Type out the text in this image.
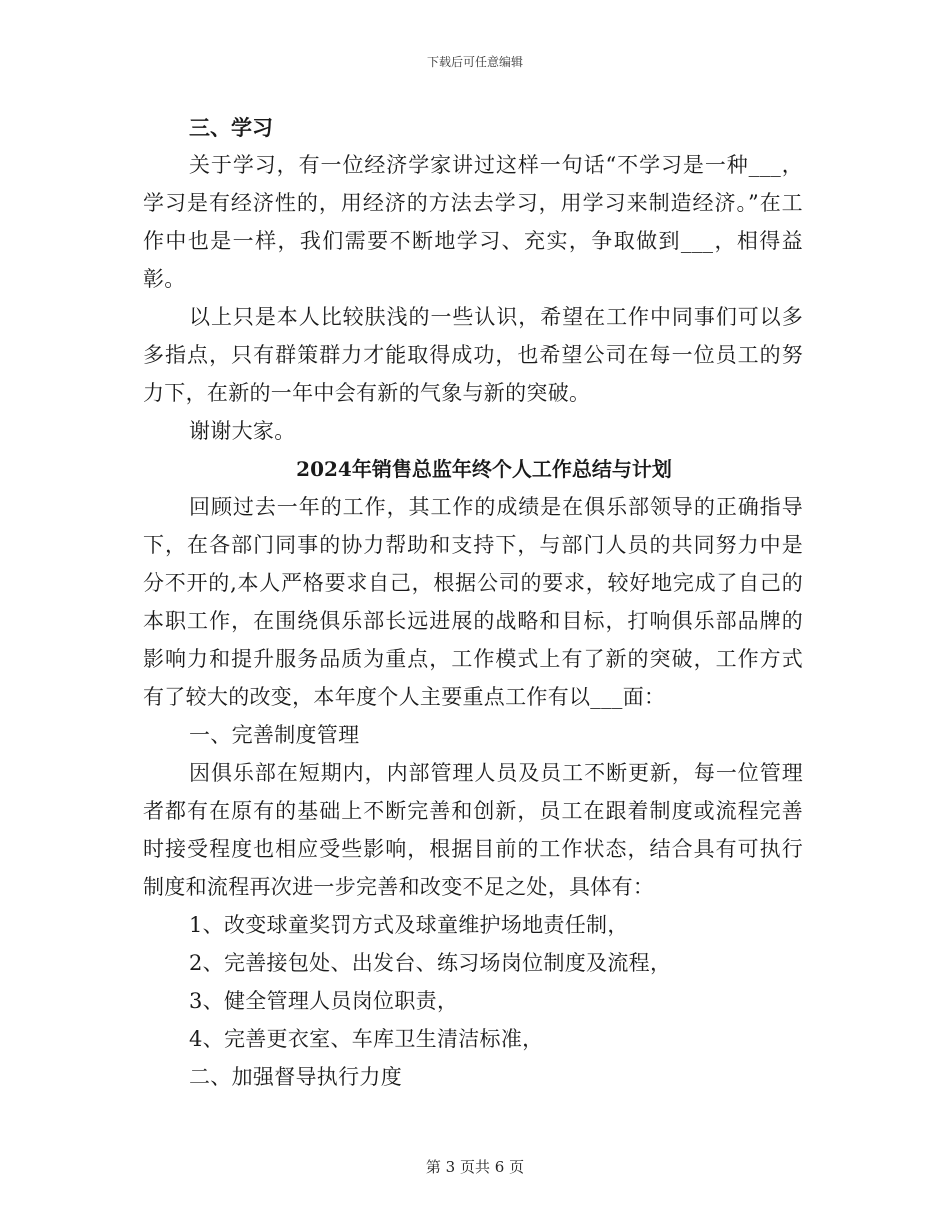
下载后可任意编辑
三、学习

关于学习，有一位经济学家讲过这样一句话“不学习是一种___，学习是有经济性的，用经济的方法去学习，用学习来制造经济。”在工作中也是一样，我们需要不断地学习、充实，争取做到___，相得益彰。

以上只是本人比较肤浅的一些认识，希望在工作中同事们可以多多指点，只有群策群力才能取得成功，也希望公司在每一位员工的努力下，在新的一年中会有新的气象与新的突破。

谢谢大家。

2024年销售总监年终个人工作总结与计划

回顾过去一年的工作，其工作的成绩是在俱乐部领导的正确指导下，在各部门同事的协力帮助和支持下，与部门人员的共同努力中是分不开的,本人严格要求自己，根据公司的要求，较好地完成了自己的本职工作，在围绕俱乐部长远进展的战略和目标，打响俱乐部品牌的影响力和提升服务品质为重点，工作模式上有了新的突破，工作方式有了较大的改变，本年度个人主要重点工作有以___面：

一、完善制度管理

因俱乐部在短期内，内部管理人员及员工不断更新，每一位管理者都有在原有的基础上不断完善和创新，员工在跟着制度或流程完善时接受程度也相应受些影响，根据目前的工作状态，结合具有可执行制度和流程再次进一步完善和改变不足之处，具体有：

1、改变球童奖罚方式及球童维护场地责任制，

2、完善接包处、出发台、练习场岗位制度及流程，

3、健全管理人员岗位职责，

4、完善更衣室、车库卫生清洁标准，

二、加强督导执行力度

第 3 页共 6 页
